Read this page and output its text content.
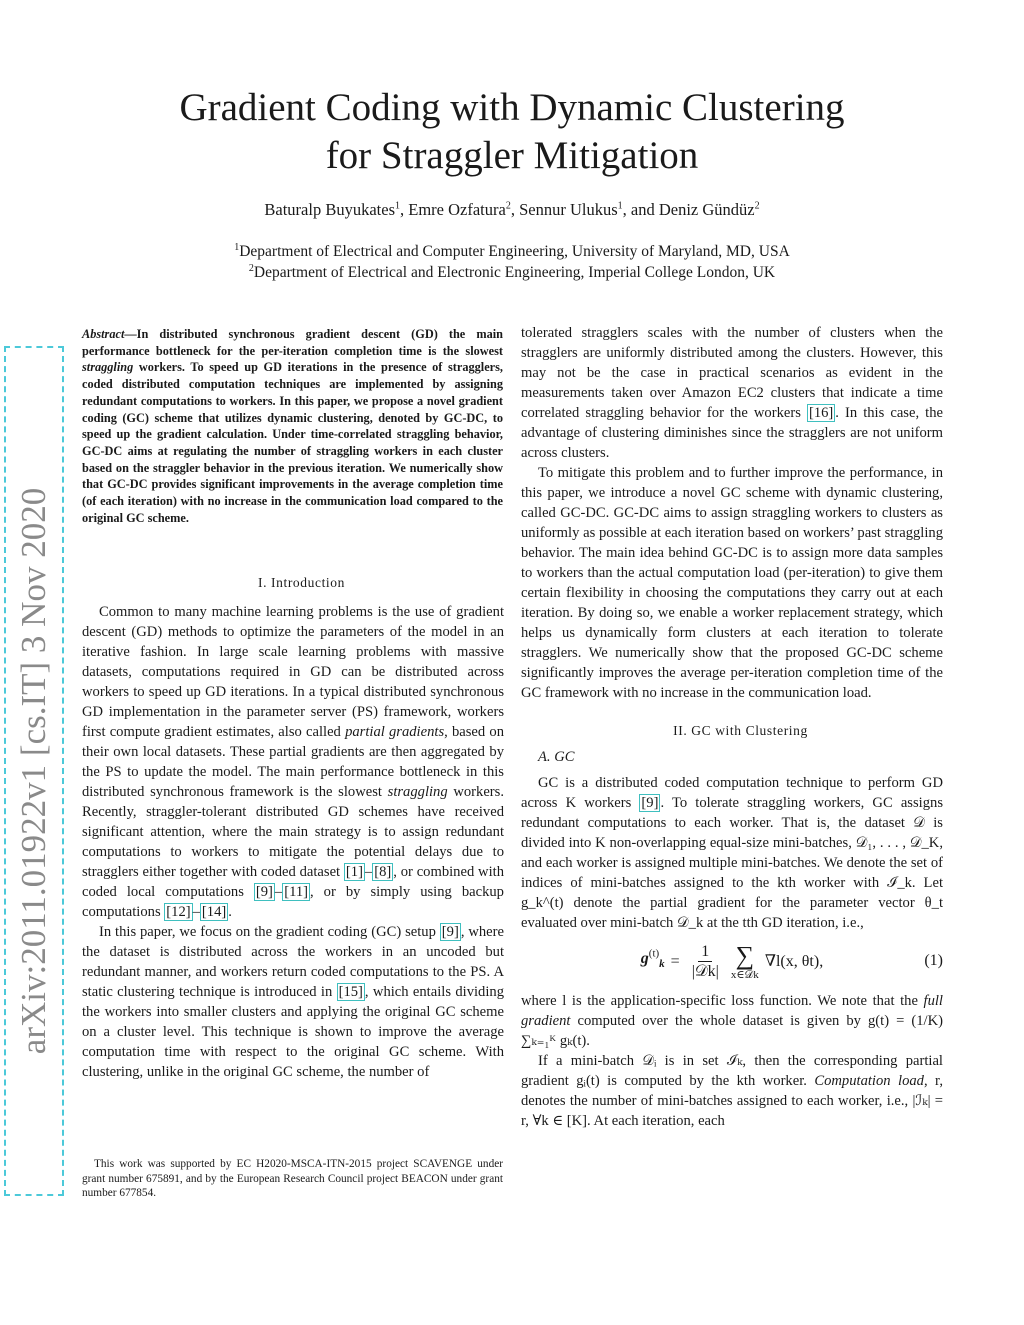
Gradient Coding with Dynamic Clustering
for Straggler Mitigation
Baturalp Buyukates$^1$, Emre Ozfatura$^2$, Sennur Ulukus$^1$, and Deniz Gündüz$^2$
$^1$Department of Electrical and Computer Engineering, University of Maryland, MD, USA
$^2$Department of Electrical and Electronic Engineering, Imperial College London, UK
arXiv:2011.01922v1 [cs.IT] 3 Nov 2020
Abstract—In distributed synchronous gradient descent (GD) the main performance bottleneck for the per-iteration completion time is the slowest straggling workers. To speed up GD iterations in the presence of stragglers, coded distributed computation techniques are implemented by assigning redundant computations to workers. In this paper, we propose a novel gradient coding (GC) scheme that utilizes dynamic clustering, denoted by GC-DC, to speed up the gradient calculation. Under time-correlated straggling behavior, GC-DC aims at regulating the number of straggling workers in each cluster based on the straggler behavior in the previous iteration. We numerically show that GC-DC provides significant improvements in the average completion time (of each iteration) with no increase in the communication load compared to the original GC scheme.

I. Introduction

Common to many machine learning problems is the use of gradient descent (GD) methods to optimize the parameters of the model in an iterative fashion. In large scale learning problems with massive datasets, computations required in GD can be distributed across workers to speed up GD iterations. In a typical distributed synchronous GD implementation in the parameter server (PS) framework, workers first compute gradient estimates, also called partial gradients, based on their own local datasets. These partial gradients are then aggregated by the PS to update the model. The main performance bottleneck in this distributed synchronous framework is the slowest straggling workers. Recently, straggler-tolerant distributed GD schemes have received significant attention, where the main strategy is to assign redundant computations to workers to mitigate the potential delays due to stragglers either together with coded dataset [1] – [8] , or combined with coded local computations [9] – [11] , or by simply using backup computations [12] – [14] .

In this paper, we focus on the gradient coding (GC) setup [9] , where the dataset is distributed across the workers in an uncoded but redundant manner, and workers return coded computations to the PS. A static clustering technique is introduced in [15] , which entails dividing the workers into smaller clusters and applying the original GC scheme on a cluster level. This technique is shown to improve the average computation time with respect to the original GC scheme. With clustering, unlike in the original GC scheme, the number of

This work was supported by EC H2020-MSCA-ITN-2015 project SCAVENGE under grant number 675891, and by the European Research Council project BEACON under grant number 677854.

tolerated stragglers scales with the number of clusters when the stragglers are uniformly distributed among the clusters. However, this may not be the case in practical scenarios as evident in the measurements taken over Amazon EC2 clusters that indicate a time correlated straggling behavior for the workers [16] . In this case, the advantage of clustering diminishes since the stragglers are not uniform across clusters.

To mitigate this problem and to further improve the performance, in this paper, we introduce a novel GC scheme with dynamic clustering, called GC-DC. GC-DC aims to assign straggling workers to clusters as uniformly as possible at each iteration based on workers’ past straggling behavior. The main idea behind GC-DC is to assign more data samples to workers than the actual computation load (per-iteration) to give them certain flexibility in choosing the computations they carry out at each iteration. By doing so, we enable a worker replacement strategy, which helps us dynamically form clusters at each iteration to tolerate stragglers. We numerically show that the proposed GC-DC scheme significantly improves the average per-iteration completion time of the GC framework with no increase in the communication load.

II. GC with Clustering

A. GC

GC is a distributed coded computation technique to perform GD across K workers [9] . To tolerate straggling workers, GC assigns redundant computations to each worker. That is, the dataset 𝒟 is divided into K non-overlapping equal-size mini-batches, 𝒟₁, . . . , 𝒟_K, and each worker is assigned multiple mini-batches. We denote the set of indices of mini-batches assigned to the kth worker with ℐ_k. Let g_k^(t) denote the partial gradient for the parameter vector θ_t evaluated over mini-batch 𝒟_k at the tth GD iteration, i.e.,

$g^{(t)}_k = \frac{1}{\text{|𝒟k|}}$ ∑
x∈𝒟k
∇l(x, θt),	(1)

where l is the application-specific loss function. We note that the full gradient computed over the whole dataset is given by g(t) = (1/K) ∑ₖ₌₁ᴷ gₖ(t).

If a mini-batch 𝒟ᵢ is in set ℐₖ, then the corresponding partial gradient gᵢ(t) is computed by the kth worker. Computation load, r, denotes the number of mini-batches assigned to each worker, i.e., |ℐₖ| = r, ∀k ∈ [K]. At each iteration, each
